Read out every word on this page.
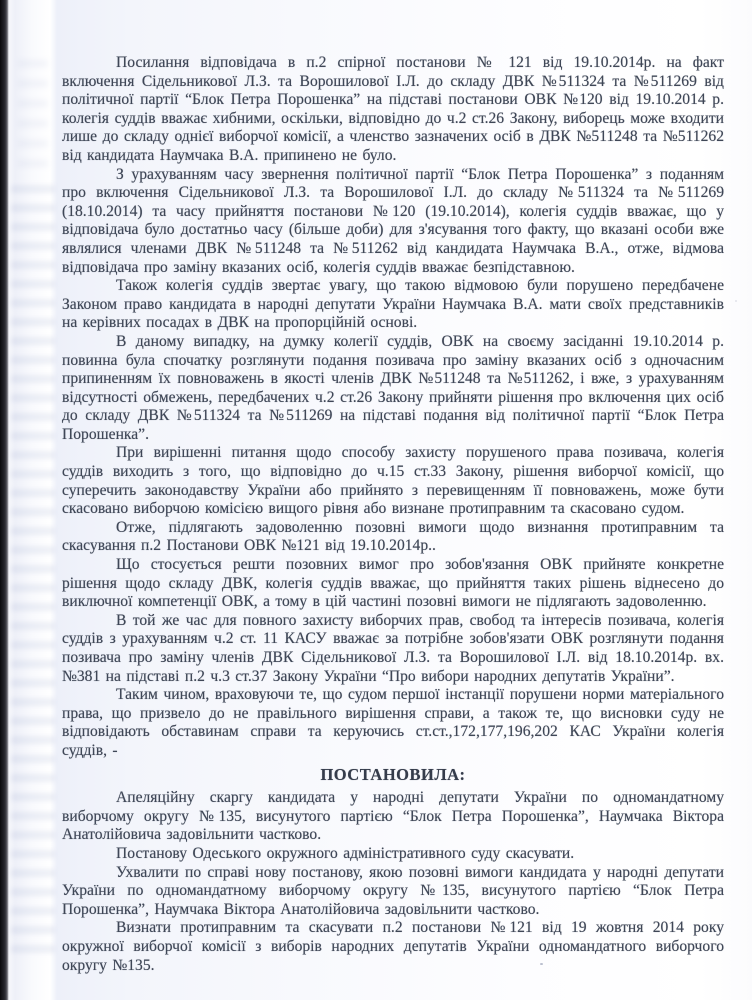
Посилання відповідача в п.2 спірної постанови № 121 від 19.10.2014р. на факт включення Сідельникової Л.З. та Ворошилової І.Л. до складу ДВК №511324 та №511269 від політичної партії “Блок Петра Порошенка” на підставі постанови ОВК №120 від 19.10.2014 р. колегія суддів вважає хибними, оскільки, відповідно до ч.2 ст.26 Закону, виборець може входити лише до складу однієї виборчої комісії, а членство зазначених осіб в ДВК №511248 та №511262 від кандидата Наумчака В.А. припинено не було.

З урахуванням часу звернення політичної партії “Блок Петра Порошенка” з поданням про включення Сідельникової Л.З. та Ворошилової І.Л. до складу №511324 та №511269 (18.10.2014) та часу прийняття постанови №120 (19.10.2014), колегія суддів вважає, що у відповідача було достатньо часу (більше доби) для з'ясування того факту, що вказані особи вже являлися членами ДВК №511248 та №511262 від кандидата Наумчака В.А., отже, відмова відповідача про заміну вказаних осіб, колегія суддів вважає безпідставною.

Також колегія суддів звертає увагу, що такою відмовою були порушено передбачене Законом право кандидата в народні депутати України Наумчака В.А. мати своїх представників на керівних посадах в ДВК на пропорційній основі.

В даному випадку, на думку колегії суддів, ОВК на своєму засіданні 19.10.2014 р. повинна була спочатку розглянути подання позивача про заміну вказаних осіб з одночасним припиненням їх повноважень в якості членів ДВК №511248 та №511262, і вже, з урахуванням відсутності обмежень, передбачених ч.2 ст.26 Закону прийняти рішення про включення цих осіб до складу ДВК №511324 та №511269 на підставі подання від політичної партії “Блок Петра Порошенка”.

При вирішенні питання щодо способу захисту порушеного права позивача, колегія суддів виходить з того, що відповідно до ч.15 ст.33 Закону, рішення виборчої комісії, що суперечить законодавству України або прийнято з перевищенням її повноважень, може бути скасовано виборчою комісією вищого рівня або визнане протиправним та скасовано судом.

Отже, підлягають задоволенню позовні вимоги щодо визнання протиправним та скасування п.2 Постанови ОВК №121 від 19.10.2014р..

Що стосується решти позовних вимог про зобов'язання ОВК прийняте конкретне рішення щодо складу ДВК, колегія суддів вважає, що прийняття таких рішень віднесено до виключної компетенції ОВК, а тому в цій частині позовні вимоги не підлягають задоволенню.

В той же час для повного захисту виборчих прав, свобод та інтересів позивача, колегія суддів з урахуванням ч.2 ст. 11 КАСУ вважає за потрібне зобов'язати ОВК розглянути подання позивача про заміну членів ДВК Сідельникової Л.З. та Ворошилової І.Л. від 18.10.2014р. вх.№381 на підставі п.2 ч.3 ст.37 Закону України “Про вибори народних депутатів України”.

Таким чином, враховуючи те, що судом першої інстанції порушени норми матеріального права, що призвело до не правільного вирішення справи, а також те, що висновки суду не відповідають обставинам справи та керуючись ст.ст.,172,177,196,202 КАС України колегія суддів, -

ПОСТАНОВИЛА:

Апеляційну скаргу кандидата у народні депутати України по одномандатному виборчому округу №135, висунутого партією “Блок Петра Порошенка”, Наумчака Віктора Анатолійовича задовільнити частково.

Постанову Одеського окружного адміністративного суду скасувати.

Ухвалити по справі нову постанову, якою позовні вимоги кандидата у народні депутати України по одномандатному виборчому округу №135, висунутого партією “Блок Петра Порошенка”, Наумчака Віктора Анатолійовича задовільнити частково.

Визнати протиправним та скасувати п.2 постанови №121 від 19 жовтня 2014 року окружної виборчої комісії з виборів народних депутатів України одномандатного виборчого округу №135.
